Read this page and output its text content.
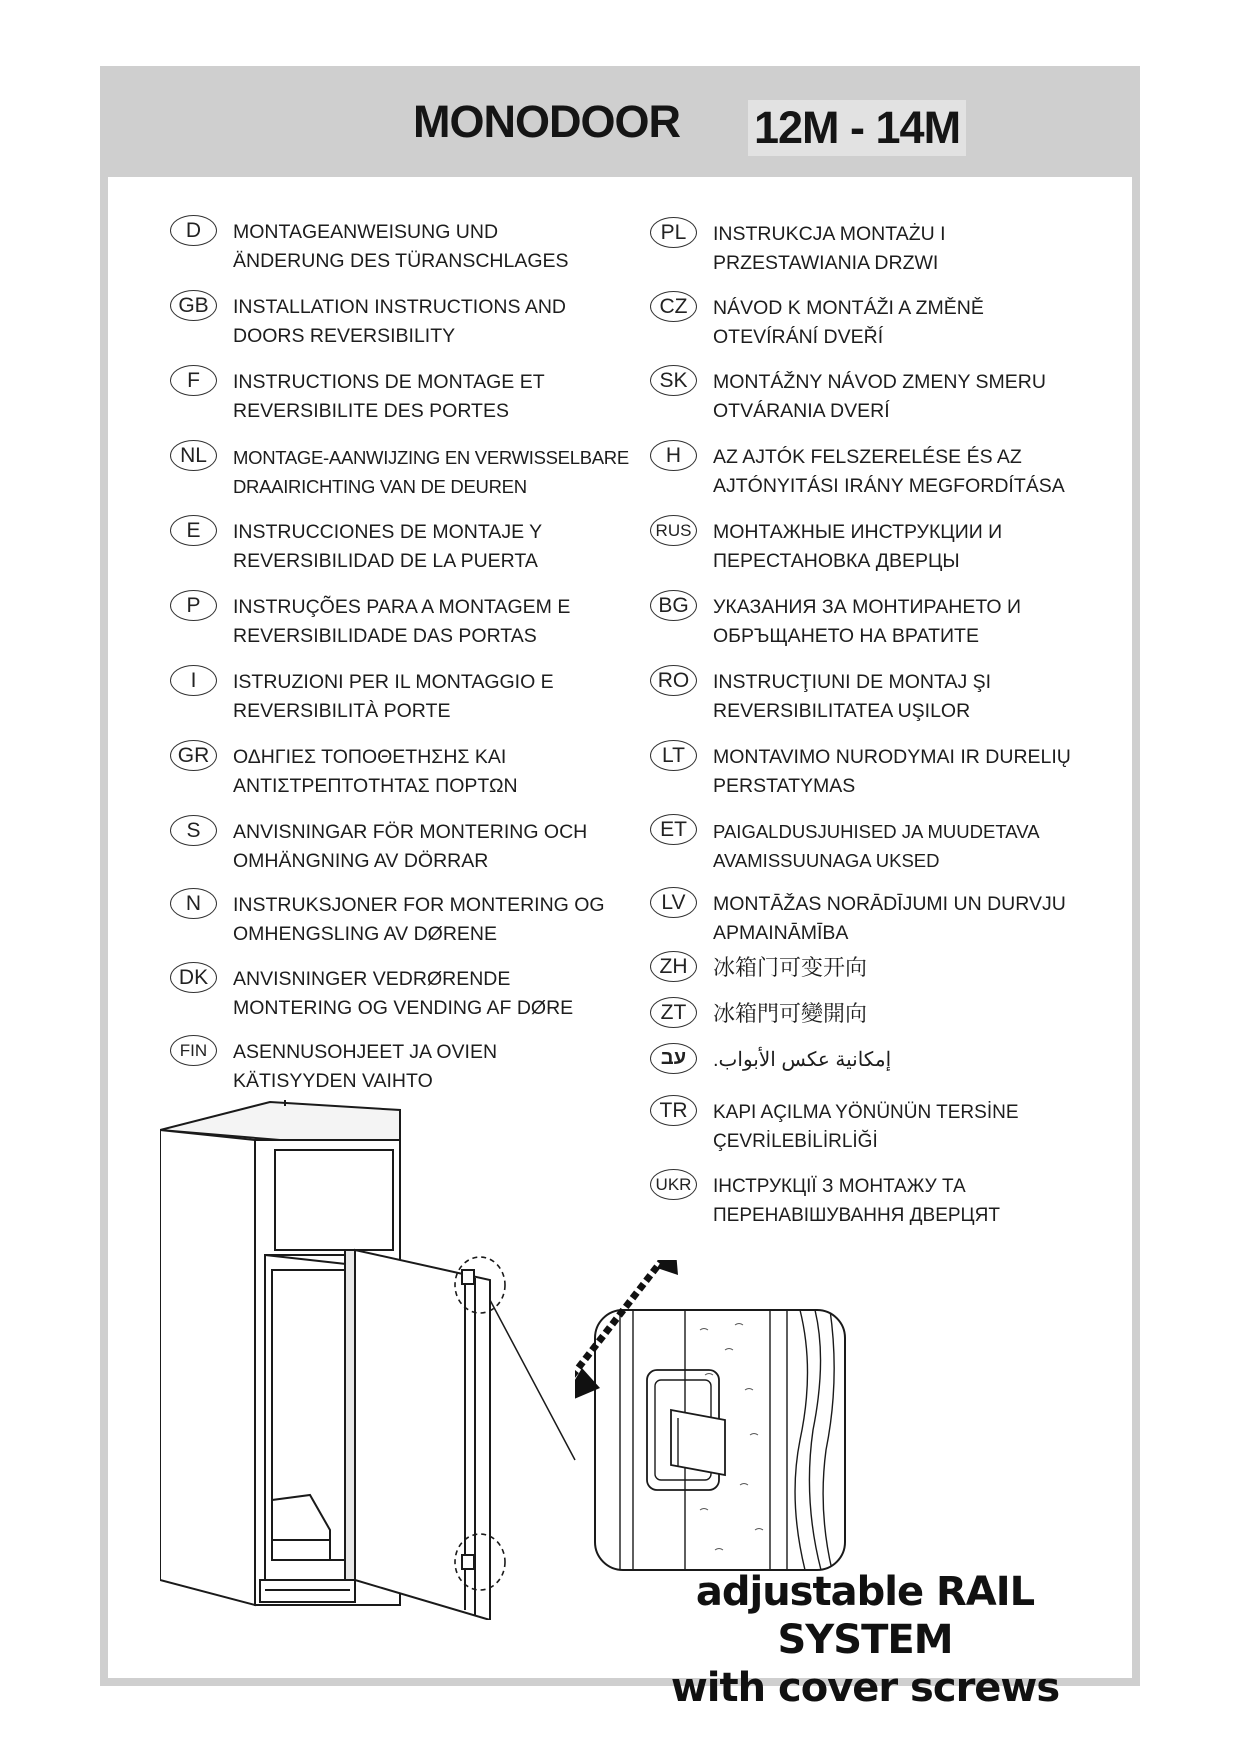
MONODOOR 12M - 14M
D	MONTAGEANWEISUNG UND
ÄNDERUNG DES TÜRANSCHLAGES
GB	INSTALLATION INSTRUCTIONS AND
DOORS REVERSIBILITY
F	INSTRUCTIONS DE MONTAGE ET
REVERSIBILITE DES PORTES
NL	MONTAGE-AANWIJZING EN VERWISSELBARE
DRAAIRICHTING VAN DE DEUREN
E	INSTRUCCIONES DE MONTAJE Y
REVERSIBILIDAD DE LA PUERTA
P	INSTRUÇÕES PARA A MONTAGEM E
REVERSIBILIDADE DAS PORTAS
I	ISTRUZIONI PER IL MONTAGGIO E
REVERSIBILITÀ PORTE
GR	ΟΔΗΓΙΕΣ ΤΟΠΟΘΕΤΗΣΗΣ ΚΑΙ
ΑΝΤΙΣΤΡΕΠΤΟΤΗΤΑΣ ΠΟΡΤΩΝ
S	ANVISNINGAR FÖR MONTERING OCH
OMHÄNGNING AV DÖRRAR
N	INSTRUKSJONER FOR MONTERING OG
OMHENGSLING AV DØRENE
DK	ANVISNINGER VEDRØRENDE
MONTERING OG VENDING AF DØRE
FIN	ASENNUSOHJEET JA OVIEN
KÄTISYYDEN VAIHTO
PL	INSTRUKCJA MONTAŻU I
PRZESTAWIANIA DRZWI
CZ	NÁVOD K MONTÁŽI A ZMĚNĚ
OTEVÍRÁNÍ DVEŘÍ
SK	MONTÁŽNY NÁVOD ZMENY SMERU
OTVÁRANIA DVERÍ
H	AZ AJTÓK FELSZERELÉSE ÉS AZ
AJTÓNYITÁSI IRÁNY MEGFORDÍTÁSA
RUS МОНТАЖНЫЕ ИНСТРУКЦИИ И
ПЕРЕСТАНОВКА ДВЕРЦЫ
BG	УКАЗАНИЯ ЗА МОНТИРАНЕТО И
ОБРЪЩАНЕТО НА ВРАТИТЕ
RO	INSTRUCŢIUNI DE MONTAJ ŞI
REVERSIBILITATEA UŞILOR
LT	MONTAVIMO NURODYMAI IR DURELIŲ
PERSTATYMAS
ET	PAIGALDUSJUHISED JA MUUDETAVA
AVAMISSUUNAGA UKSED
LV	MONTĀŽAS NORĀDĪJUMI UN DURVJU
APMAINĀMĪBA
ZH	冰箱门可变开向
ZT	冰箱門可變開向
עב	إمكانية عكس الأبواب.
TR	KAPI AÇILMA YÖNÜNÜN TERSİNE
ÇEVRİLEBİLİRLİĞİ
UKR ІНСТРУКЦІЇ З МОНТАЖУ ТА
ПЕРЕНАВІШУВАННЯ ДВЕРЦЯТ
adjustable RAIL SYSTEM
with cover screws
